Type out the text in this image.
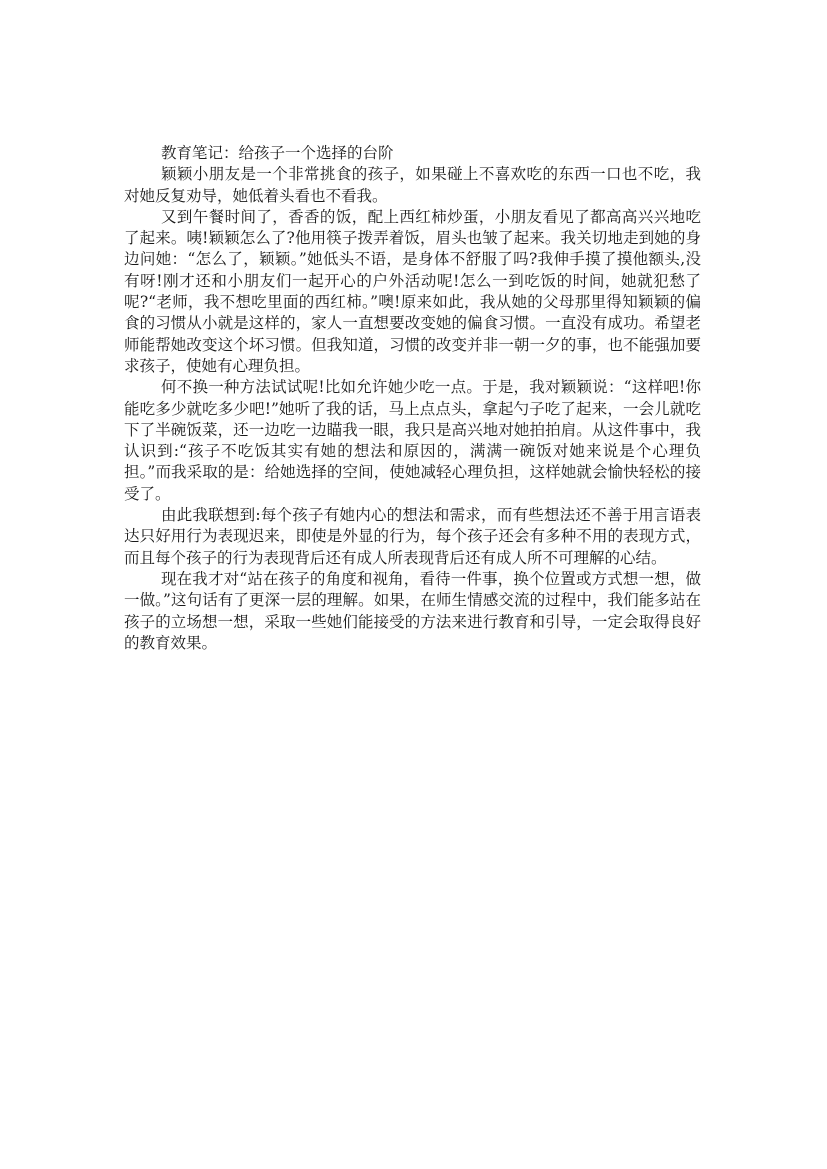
教育笔记：给孩子一个选择的台阶

颖颖小朋友是一个非常挑食的孩子，如果碰上不喜欢吃的东西一口也不吃，我对她反复劝导，她低着头看也不看我。

又到午餐时间了，香香的饭，配上西红柿炒蛋，小朋友看见了都高高兴兴地吃了起来。咦!颖颖怎么了?他用筷子拨弄着饭，眉头也皱了起来。我关切地走到她的身边问她：“怎么了，颖颖。”她低头不语，是身体不舒服了吗?我伸手摸了摸他额头,没有呀!刚才还和小朋友们一起开心的户外活动呢!怎么一到吃饭的时间，她就犯愁了呢?“老师，我不想吃里面的西红柿。”噢!原来如此，我从她的父母那里得知颖颖的偏食的习惯从小就是这样的，家人一直想要改变她的偏食习惯。一直没有成功。希望老师能帮她改变这个坏习惯。但我知道，习惯的改变并非一朝一夕的事，也不能强加要求孩子，使她有心理负担。

何不换一种方法试试呢!比如允许她少吃一点。于是，我对颖颖说：“这样吧!你能吃多少就吃多少吧!”她听了我的话，马上点点头，拿起勺子吃了起来，一会儿就吃下了半碗饭菜，还一边吃一边瞄我一眼，我只是高兴地对她拍拍肩。从这件事中，我认识到:“孩子不吃饭其实有她的想法和原因的，满满一碗饭对她来说是个心理负担。”而我采取的是：给她选择的空间，使她减轻心理负担，这样她就会愉快轻松的接受了。

由此我联想到:每个孩子有她内心的想法和需求，而有些想法还不善于用言语表达只好用行为表现迟来，即使是外显的行为，每个孩子还会有多种不用的表现方式，而且每个孩子的行为表现背后还有成人所表现背后还有成人所不可理解的心结。

现在我才对“站在孩子的角度和视角，看待一件事，换个位置或方式想一想，做一做。”这句话有了更深一层的理解。如果，在师生情感交流的过程中，我们能多站在孩子的立场想一想，采取一些她们能接受的方法来进行教育和引导，一定会取得良好的教育效果。
